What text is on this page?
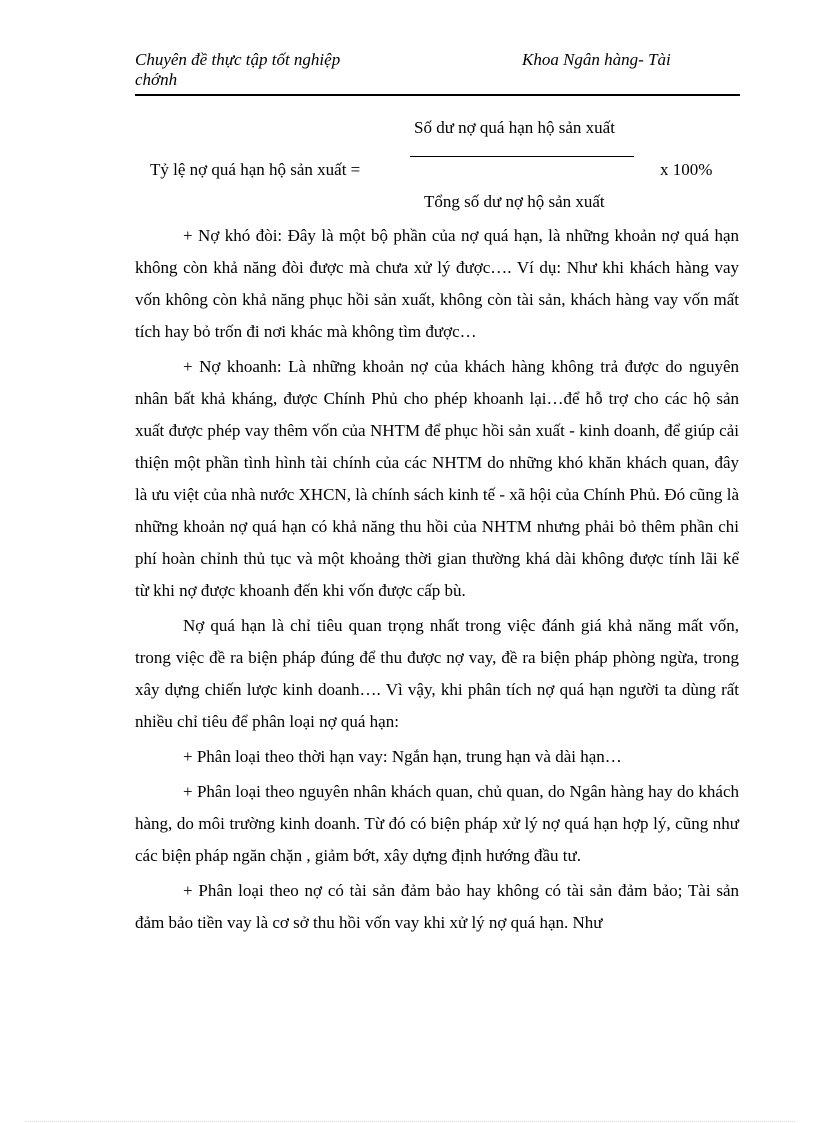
Chuyên đề thực tập tốt nghiệp
chớnh
Khoa Ngân hàng- Tài
Số dư nợ quá hạn hộ sản xuất
Tỷ lệ nợ quá hạn hộ sản xuất =	x 100%
Tổng số dư nợ hộ sản xuất

+ Nợ khó đòi: Đây là một bộ phần của nợ quá hạn, là những khoản nợ quá hạn không còn khả năng đòi được mà chưa xử lý được…. Ví dụ: Như khi khách hàng vay vốn không còn khả năng phục hồi sản xuất, không còn tài sản, khách hàng vay vốn mất tích hay bỏ trốn đi nơi khác mà không tìm được…

+ Nợ khoanh: Là những khoản nợ của khách hàng không trả được do nguyên nhân bất khả kháng, được Chính Phủ cho phép khoanh lại…để hỗ trợ cho các hộ sản xuất được phép vay thêm vốn của NHTM để phục hồi sản xuất - kinh doanh, để giúp cải thiện một phần tình hình tài chính của các NHTM do những khó khăn khách quan, đây là ưu việt của nhà nước XHCN, là chính sách kinh tế - xã hội của Chính Phủ. Đó cũng là những khoản nợ quá hạn có khả năng thu hồi của NHTM nhưng phải bỏ thêm phần chi phí hoàn chỉnh thủ tục và một khoảng thời gian thường khá dài không được tính lãi kể từ khi nợ được khoanh đến khi vốn được cấp bù.

Nợ quá hạn là chỉ tiêu quan trọng nhất trong việc đánh giá khả năng mất vốn, trong việc đề ra biện pháp đúng để thu được nợ vay, đề ra biện pháp phòng ngừa, trong xây dựng chiến lược kinh doanh…. Vì vậy, khi phân tích nợ quá hạn người ta dùng rất nhiều chỉ tiêu để phân loại nợ quá hạn:

+ Phân loại theo thời hạn vay: Ngắn hạn, trung hạn và dài hạn…

+ Phân loại theo nguyên nhân khách quan, chủ quan, do Ngân hàng hay do khách hàng, do môi trường kinh doanh. Từ đó có biện pháp xử lý nợ quá hạn hợp lý, cũng như các biện pháp ngăn chặn , giảm bớt, xây dựng định hướng đầu tư.

+ Phân loại theo nợ có tài sản đảm bảo hay không có tài sản đảm bảo; Tài sản đảm bảo tiền vay là cơ sở thu hồi vốn vay khi xử lý nợ quá hạn. Như
